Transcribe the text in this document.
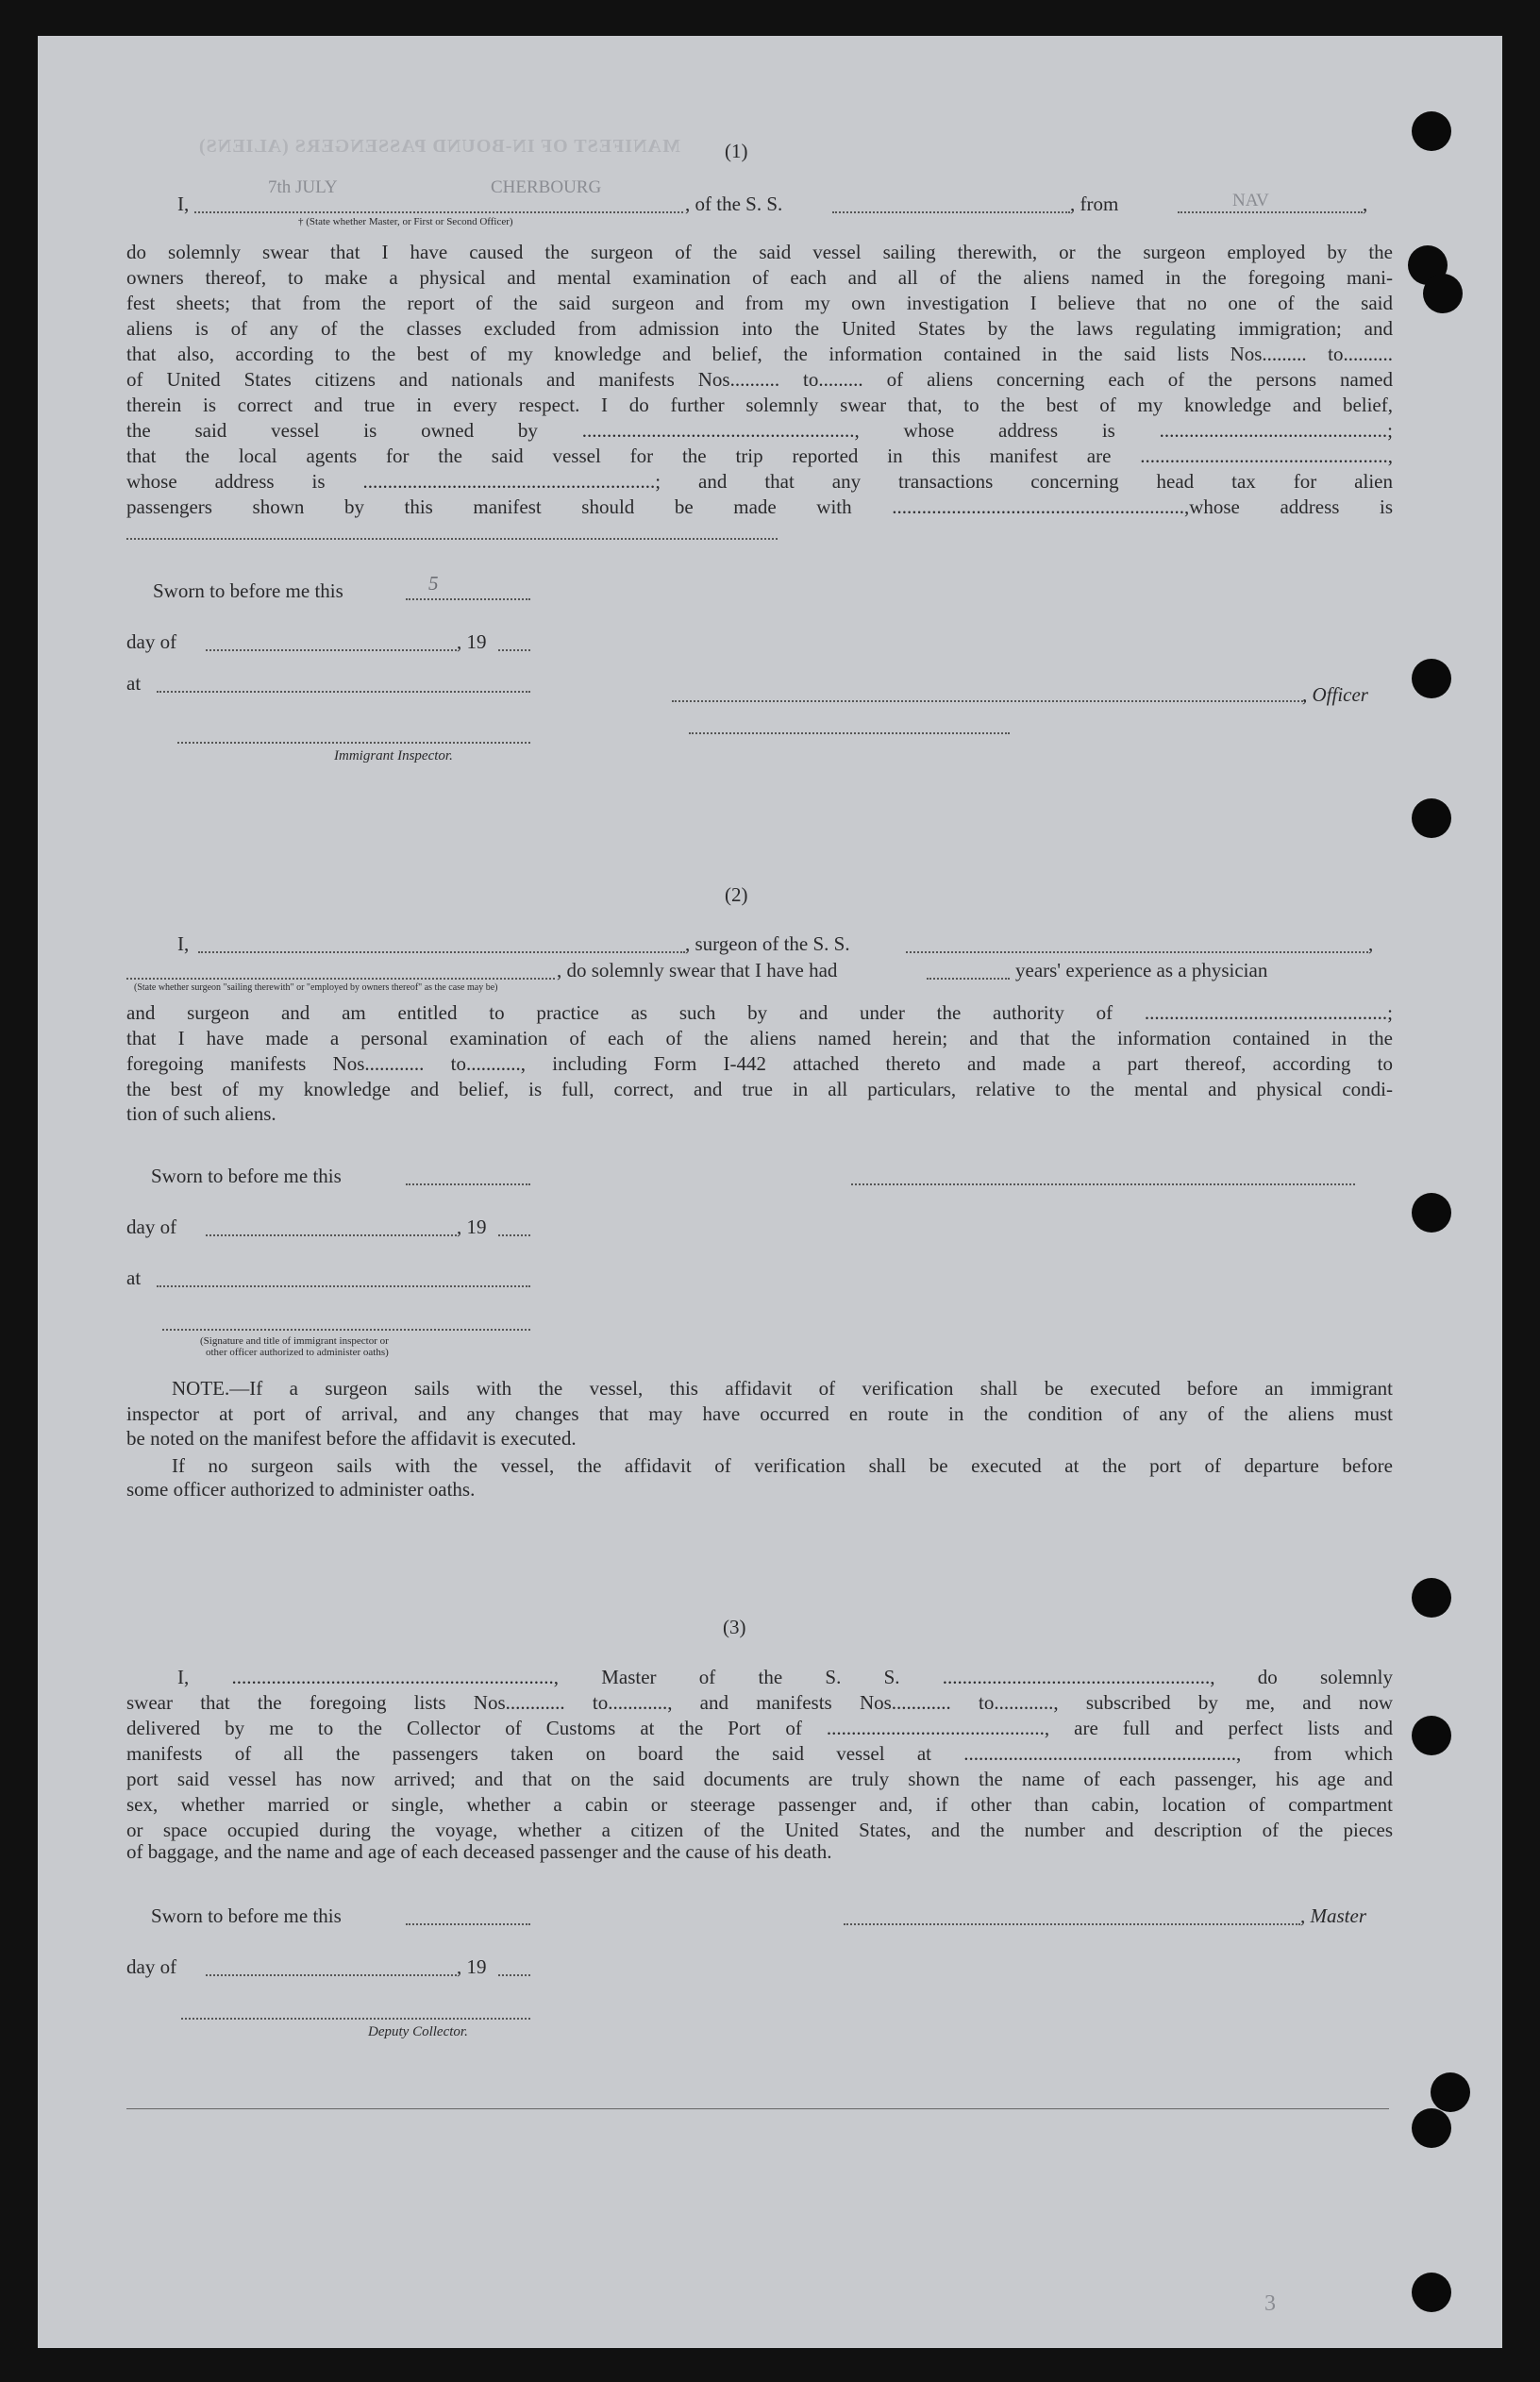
MANIFEST OF IN-BOUND PASSENGERS (ALIENS) (1)
I,
CHERBOURG
7th JULY
, of the S. S.	, from	NAV	,
† (State whether Master, or First or Second Officer)
do solemnly swear that I have caused the surgeon of the said vessel sailing therewith, or the surgeon employed by the
owners thereof, to make a physical and mental examination of each and all of the aliens named in the foregoing mani-
fest sheets; that from the report of the said surgeon and from my own investigation I believe that no one of the said
aliens is of any of the classes excluded from admission into the United States by the laws regulating immigration; and
that also, according to the best of my knowledge and belief, the information contained in the said lists Nos......... to..........
of United States citizens and nationals and manifests Nos.......... to......... of aliens concerning each of the persons named
therein is correct and true in every respect. I do further solemnly swear that, to the best of my knowledge and belief,
the said vessel is owned by ......................................................., whose address is ..............................................;
that the local agents for the said vessel for the trip reported in this manifest are ..................................................,
whose address is ...........................................................; and that any transactions concerning head tax for alien
passengers shown by this manifest should be made with ...........................................................,whose address is
Sworn to before me this	5
day of	, 19
, Officer
at
Immigrant Inspector.
(2)
I,	, surgeon of the S. S.	,
, do solemnly swear that I have had	years' experience as a physician
(State whether surgeon "sailing therewith" or "employed by owners thereof" as the case may be)
and surgeon and am entitled to practice as such by and under the authority of .................................................;
that I have made a personal examination of each of the aliens named herein; and that the information contained in the
foregoing manifests Nos............ to..........., including Form I-442 attached thereto and made a part thereof, according to
the best of my knowledge and belief, is full, correct, and true in all particulars, relative to the mental and physical condi-
tion of such aliens.
Sworn to before me this
day of	, 19
at
(Signature and title of immigrant inspector or
other officer authorized to administer oaths)
NOTE.—If a surgeon sails with the vessel, this affidavit of verification shall be executed before an immigrant
inspector at port of arrival, and any changes that may have occurred en route in the condition of any of the aliens must
be noted on the manifest before the affidavit is executed.
If no surgeon sails with the vessel, the affidavit of verification shall be executed at the port of departure before
some officer authorized to administer oaths.
(3)
I, ................................................................., Master of the S. S. ......................................................, do solemnly
swear that the foregoing lists Nos............ to............, and manifests Nos............ to............, subscribed by me, and now
delivered by me to the Collector of Customs at the Port of ............................................, are full and perfect lists and
manifests of all the passengers taken on board the said vessel at ......................................................., from which
port said vessel has now arrived; and that on the said documents are truly shown the name of each passenger, his age and
sex, whether married or single, whether a cabin or steerage passenger and, if other than cabin, location of compartment
or space occupied during the voyage, whether a citizen of the United States, and the number and description of the pieces
of baggage, and the name and age of each deceased passenger and the cause of his death.
Sworn to before me this	, Master
day of	, 19
Deputy Collector.
3
